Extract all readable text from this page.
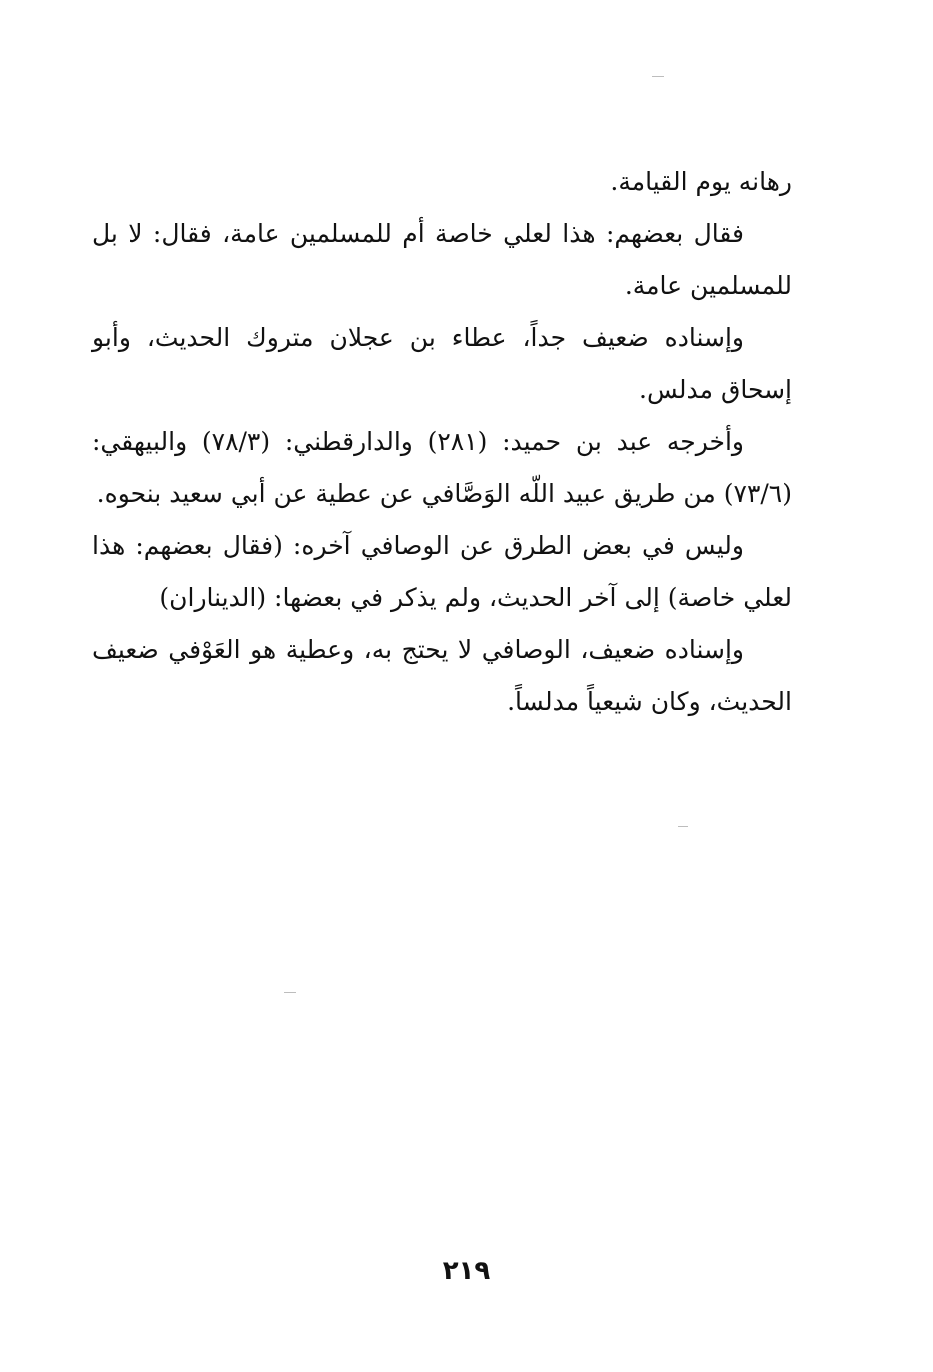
رهانه يوم القيامة.

فقال بعضهم: هذا لعلي خاصة أم للمسلمين عامة، فقال: لا بل للمسلمين عامة.

وإسناده ضعيف جداً، عطاء بن عجلان متروك الحديث، وأبو إسحاق مدلس.

وأخرجه عبد بن حميد: (٢٨١) والدارقطني: (٧٨/٣) والبيهقي: (٧٣/٦) من طريق عبيد اللّه الوَصَّافي عن عطية عن أبي سعيد بنحوه.

وليس في بعض الطرق عن الوصافي آخره: (فقال بعضهم: هذا لعلي خاصة) إلى آخر الحديث، ولم يذكر في بعضها: (الديناران)

وإسناده ضعيف، الوصافي لا يحتج به، وعطية هو العَوْفي ضعيف الحديث، وكان شيعياً مدلساً.

٢١٩
